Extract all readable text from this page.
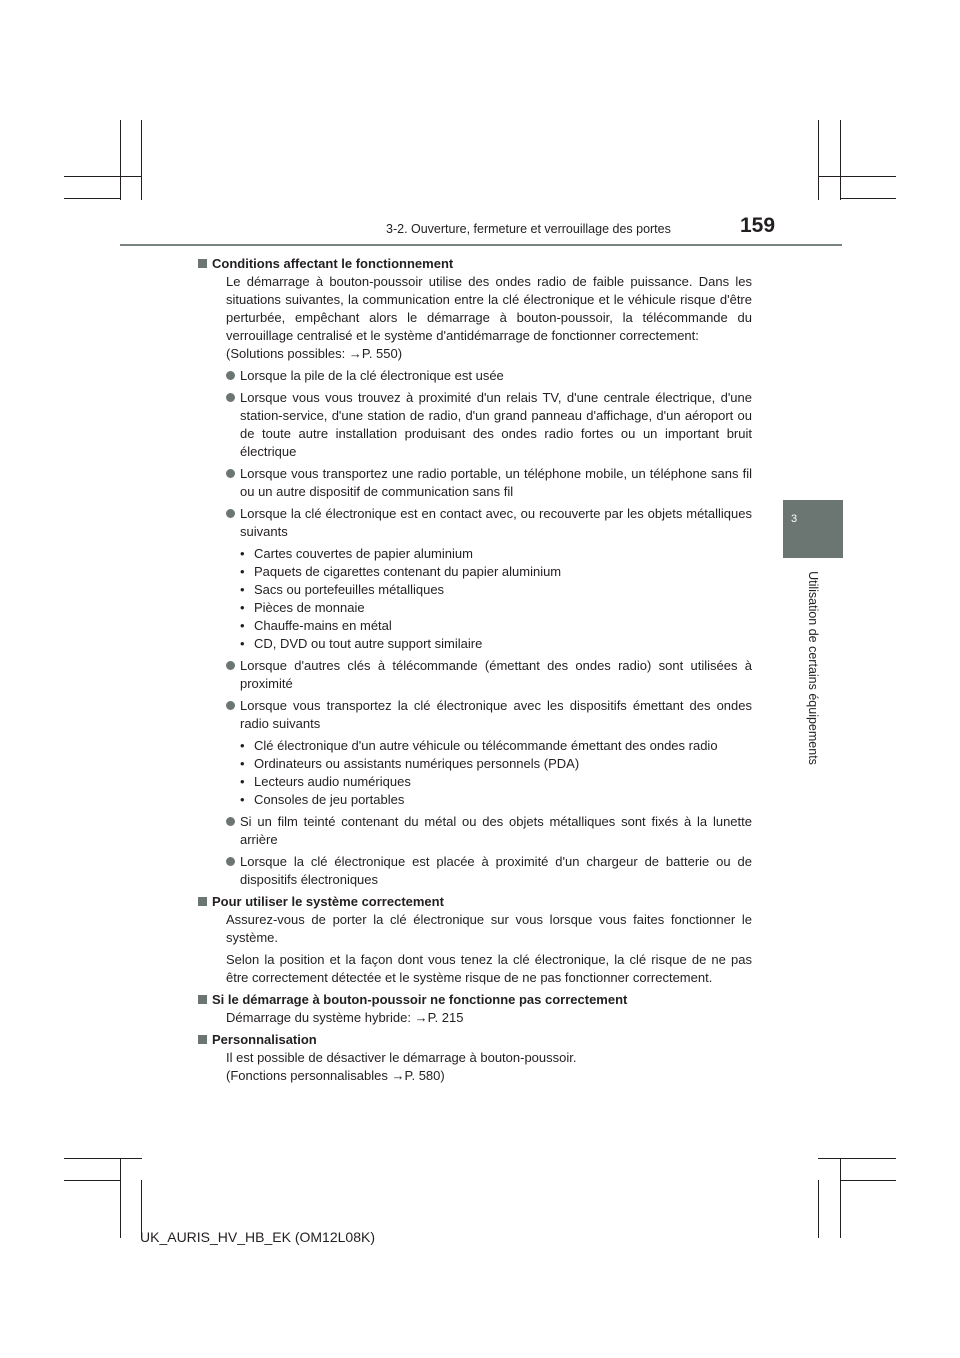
3-2. Ouverture, fermeture et verrouillage des portes	159
3
Utilisation de certains équipements
Conditions affectant le fonctionnement
Le démarrage à bouton-poussoir utilise des ondes radio de faible puissance. Dans les situations suivantes, la communication entre la clé électronique et le véhicule risque d'être perturbée, empêchant alors le démarrage à bouton-poussoir, la télécommande du verrouillage centralisé et le système d'antidémarrage de fonctionner correctement:
(Solutions possibles: →P. 550)
Lorsque la pile de la clé électronique est usée
Lorsque vous vous trouvez à proximité d'un relais TV, d'une centrale électrique, d'une station-service, d'une station de radio, d'un grand panneau d'affichage, d'un aéroport ou de toute autre installation produisant des ondes radio fortes ou un important bruit électrique
Lorsque vous transportez une radio portable, un téléphone mobile, un téléphone sans fil ou un autre dispositif de communication sans fil
Lorsque la clé électronique est en contact avec, ou recouverte par les objets métalliques suivants
• Cartes couvertes de papier aluminium
• Paquets de cigarettes contenant du papier aluminium
• Sacs ou portefeuilles métalliques
• Pièces de monnaie
• Chauffe-mains en métal
• CD, DVD ou tout autre support similaire
Lorsque d'autres clés à télécommande (émettant des ondes radio) sont utilisées à proximité
Lorsque vous transportez la clé électronique avec les dispositifs émettant des ondes radio suivants
• Clé électronique d'un autre véhicule ou télécommande émettant des ondes radio
• Ordinateurs ou assistants numériques personnels (PDA)
• Lecteurs audio numériques
• Consoles de jeu portables
Si un film teinté contenant du métal ou des objets métalliques sont fixés à la lunette arrière
Lorsque la clé électronique est placée à proximité d'un chargeur de batterie ou de dispositifs électroniques
Pour utiliser le système correctement
Assurez-vous de porter la clé électronique sur vous lorsque vous faites fonctionner le système.
Selon la position et la façon dont vous tenez la clé électronique, la clé risque de ne pas être correctement détectée et le système risque de ne pas fonctionner correctement.
Si le démarrage à bouton-poussoir ne fonctionne pas correctement
Démarrage du système hybride: →P. 215
Personnalisation
Il est possible de désactiver le démarrage à bouton-poussoir.
(Fonctions personnalisables →P. 580)
UK_AURIS_HV_HB_EK (OM12L08K)
